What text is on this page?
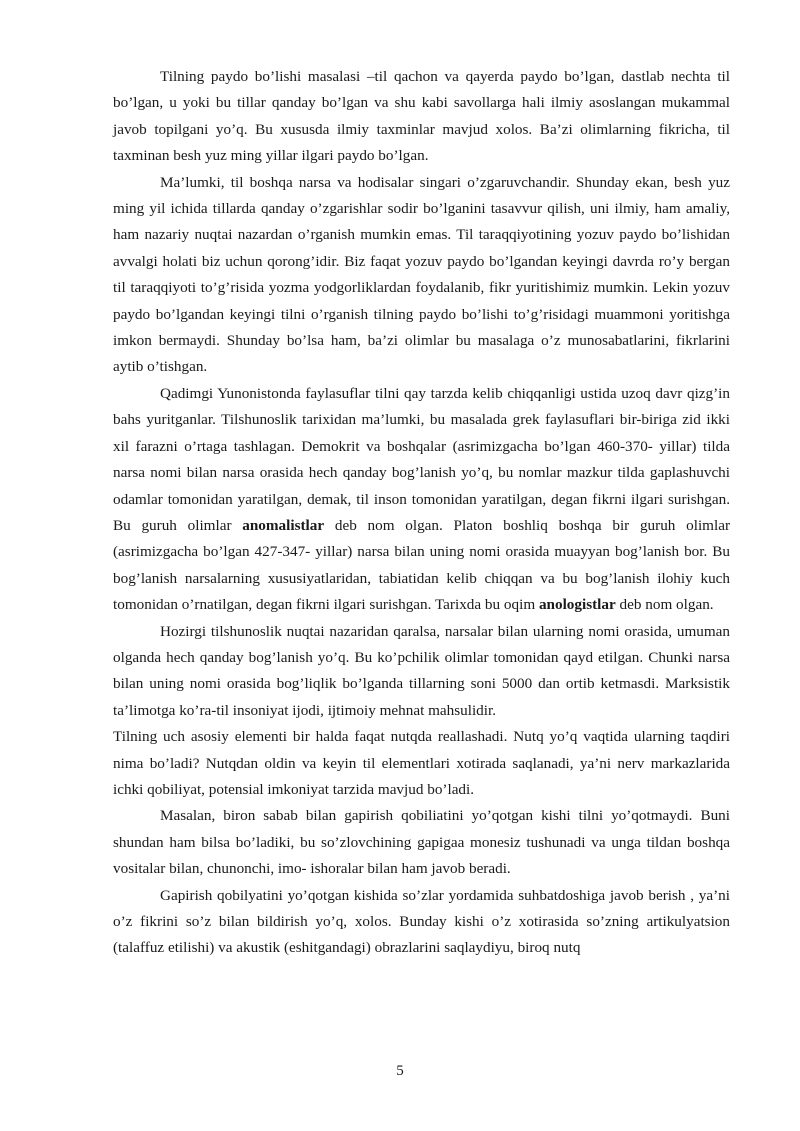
Tilning paydo bo’lishi masalasi –til qachon va qayerda paydo bo’lgan, dastlab nechta til bo’lgan, u yoki bu tillar qanday bo’lgan va shu kabi savollarga hali ilmiy asoslangan mukammal javob topilgani yo’q. Bu xususda ilmiy taxminlar mavjud xolos. Ba’zi olimlarning fikricha, til taxminan besh yuz ming yillar ilgari paydo bo’lgan.

Ma’lumki, til boshqa narsa va hodisalar singari o’zgaruvchandir. Shunday ekan, besh yuz ming yil ichida tillarda qanday o’zgarishlar sodir bo’lganini tasavvur qilish, uni ilmiy, ham amaliy, ham nazariy nuqtai nazardan o’rganish mumkin emas. Til taraqqiyotining yozuv paydo bo’lishidan avvalgi holati biz uchun qorong’idir. Biz faqat yozuv paydo bo’lgandan keyingi davrda ro’y bergan til taraqqiyoti to’g’risida yozma yodgorliklardan foydalanib, fikr yuritishimiz mumkin. Lekin yozuv paydo bo’lgandan keyingi tilni o’rganish tilning paydo bo’lishi to’g’risidagi muammoni yoritishga imkon bermaydi. Shunday bo’lsa ham, ba’zi olimlar bu masalaga o’z munosabatlarini, fikrlarini aytib o’tishgan.

Qadimgi Yunonistonda faylasuflar tilni qay tarzda kelib chiqqanligi ustida uzoq davr qizg’in bahs yuritganlar. Tilshunoslik tarixidan ma’lumki, bu masalada grek faylasuflari bir-biriga zid ikki xil farazni o’rtaga tashlagan. Demokrit va boshqalar (asrimizgacha bo’lgan 460-370- yillar) tilda narsa nomi bilan narsa orasida hech qanday bog’lanish yo’q, bu nomlar mazkur tilda gaplashuvchi odamlar tomonidan yaratilgan, demak, til inson tomonidan yaratilgan, degan fikrni ilgari surishgan. Bu guruh olimlar anomalistlar deb nom olgan. Platon boshliq boshqa bir guruh olimlar (asrimizgacha bo’lgan 427-347- yillar) narsa bilan uning nomi orasida muayyan bog’lanish bor. Bu bog’lanish narsalarning xususiyatlaridan, tabiatidan kelib chiqqan va bu bog’lanish ilohiy kuch tomonidan o’rnatilgan, degan fikrni ilgari surishgan. Tarixda bu oqim anologistlar deb nom olgan.

Hozirgi tilshunoslik nuqtai nazaridan qaralsa, narsalar bilan ularning nomi orasida, umuman olganda hech qanday bog’lanish yo’q. Bu ko’pchilik olimlar tomonidan qayd etilgan. Chunki narsa bilan uning nomi orasida bog’liqlik bo’lganda tillarning soni 5000 dan ortib ketmasdi. Marksistik ta’limotga ko’ra-til insoniyat ijodi, ijtimoiy mehnat mahsulidir.

Tilning uch asosiy elementi bir halda faqat nutqda reallashadi. Nutq yo’q vaqtida ularning taqdiri nima bo’ladi? Nutqdan oldin va keyin til elementlari xotirada saqlanadi, ya’ni nerv markazlarida ichki qobiliyat, potensial imkoniyat tarzida mavjud bo’ladi.

Masalan, biron sabab bilan gapirish qobiliatini yo’qotgan kishi tilni yo’qotmaydi. Buni shundan ham bilsa bo’ladiki, bu so’zlovchining gapigaa monesiz tushunadi va unga tildan boshqa vositalar bilan, chunonchi, imo- ishoralar bilan ham javob beradi.

Gapirish qobilyatini yo’qotgan kishida so’zlar yordamida suhbatdoshiga javob berish , ya’ni o’z fikrini so’z bilan bildirish yo’q, xolos. Bunday kishi o’z xotirasida so’zning artikulyatsion (talaffuz etilishi) va akustik (eshitgandagi) obrazlarini saqlaydiyu, biroq nutq

5
